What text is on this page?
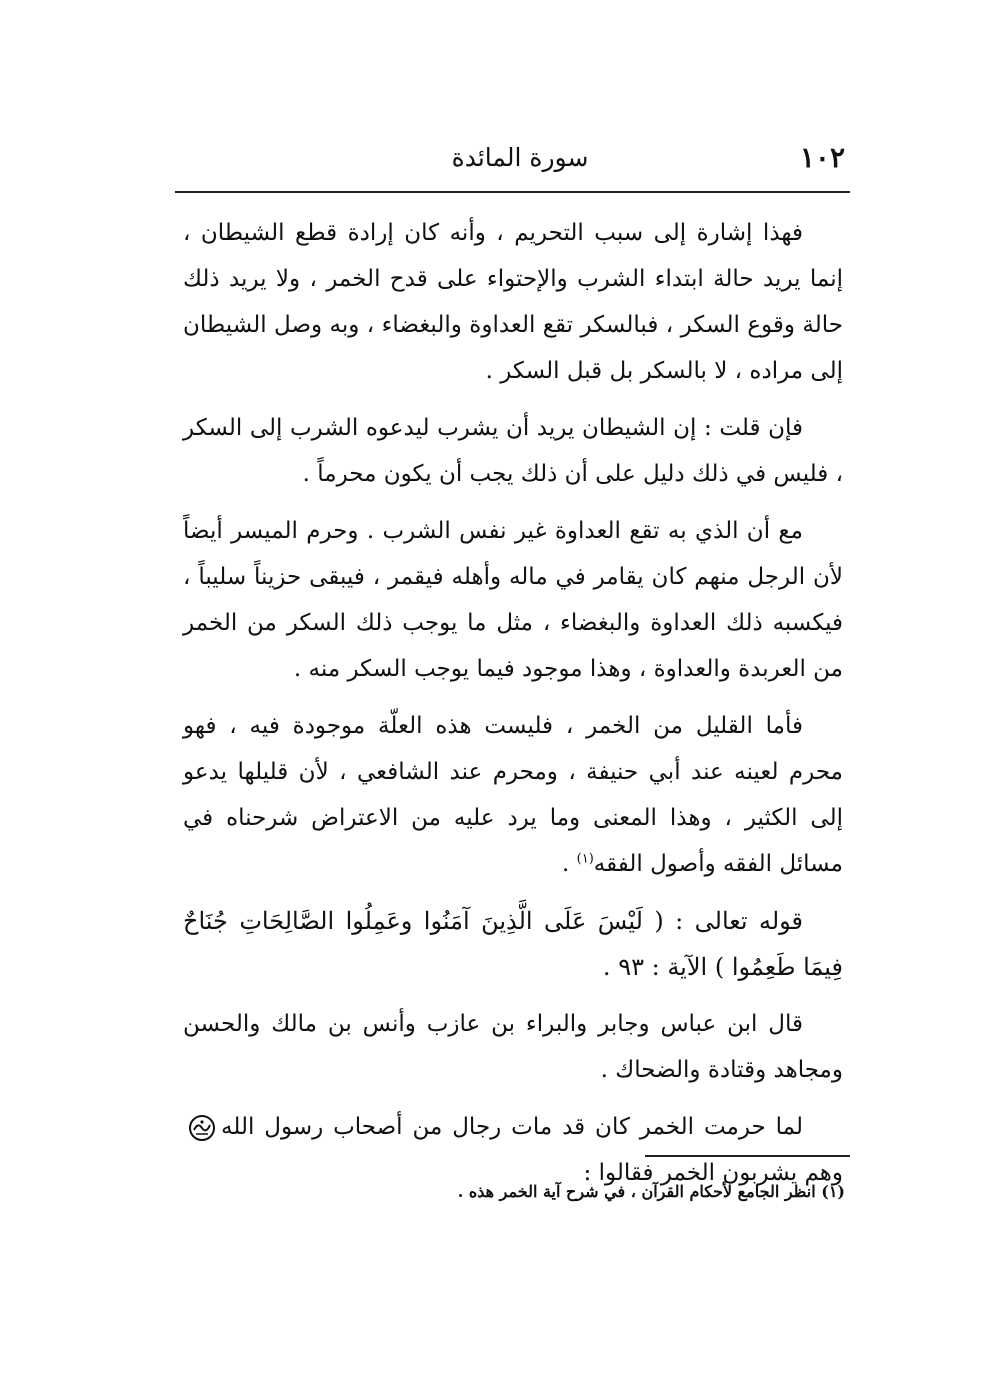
١٠٢
سورة المائدة

فهذا إشارة إلى سبب التحريم ، وأنه كان إرادة قطع الشيطان ، إنما يريد حالة ابتداء الشرب والإحتواء على قدح الخمر ، ولا يريد ذلك حالة وقوع السكر ، فبالسكر تقع العداوة والبغضاء ، وبه وصل الشيطان إلى مراده ، لا بالسكر بل قبل السكر .

فإن قلت : إن الشيطان يريد أن يشرب ليدعوه الشرب إلى السكر ، فليس في ذلك دليل على أن ذلك يجب أن يكون محرماً .

مع أن الذي به تقع العداوة غير نفس الشرب . وحرم الميسر أيضاً لأن الرجل منهم كان يقامر في ماله وأهله فيقمر ، فيبقى حزيناً سليباً ، فيكسبه ذلك العداوة والبغضاء ، مثل ما يوجب ذلك السكر من الخمر من العربدة والعداوة ، وهذا موجود فيما يوجب السكر منه .

فأما القليل من الخمر ، فليست هذه العلّة موجودة فيه ، فهو محرم لعينه عند أبي حنيفة ، ومحرم عند الشافعي ، لأن قليلها يدعو إلى الكثير ، وهذا المعنى وما يرد عليه من الاعتراض شرحناه في مسائل الفقه وأصول الفقه$^{(١)}$ .

قوله تعالى : ( لَيْسَ عَلَى الَّذِينَ آمَنُوا وعَمِلُوا الصَّالِحَاتِ جُنَاحٌ فِيمَا طَعِمُوا ) الآية : ٩٣ .

قال ابن عباس وجابر والبراء بن عازب وأنس بن مالك والحسن ومجاهد وقتادة والضحاك .

لما حرمت الخمر كان قد مات رجال من أصحاب رسول اللهوهم يشربون الخمر فقالوا :

(١) انظر الجامع لأحكام القرآن ، في شرح آية الخمر هذه .
